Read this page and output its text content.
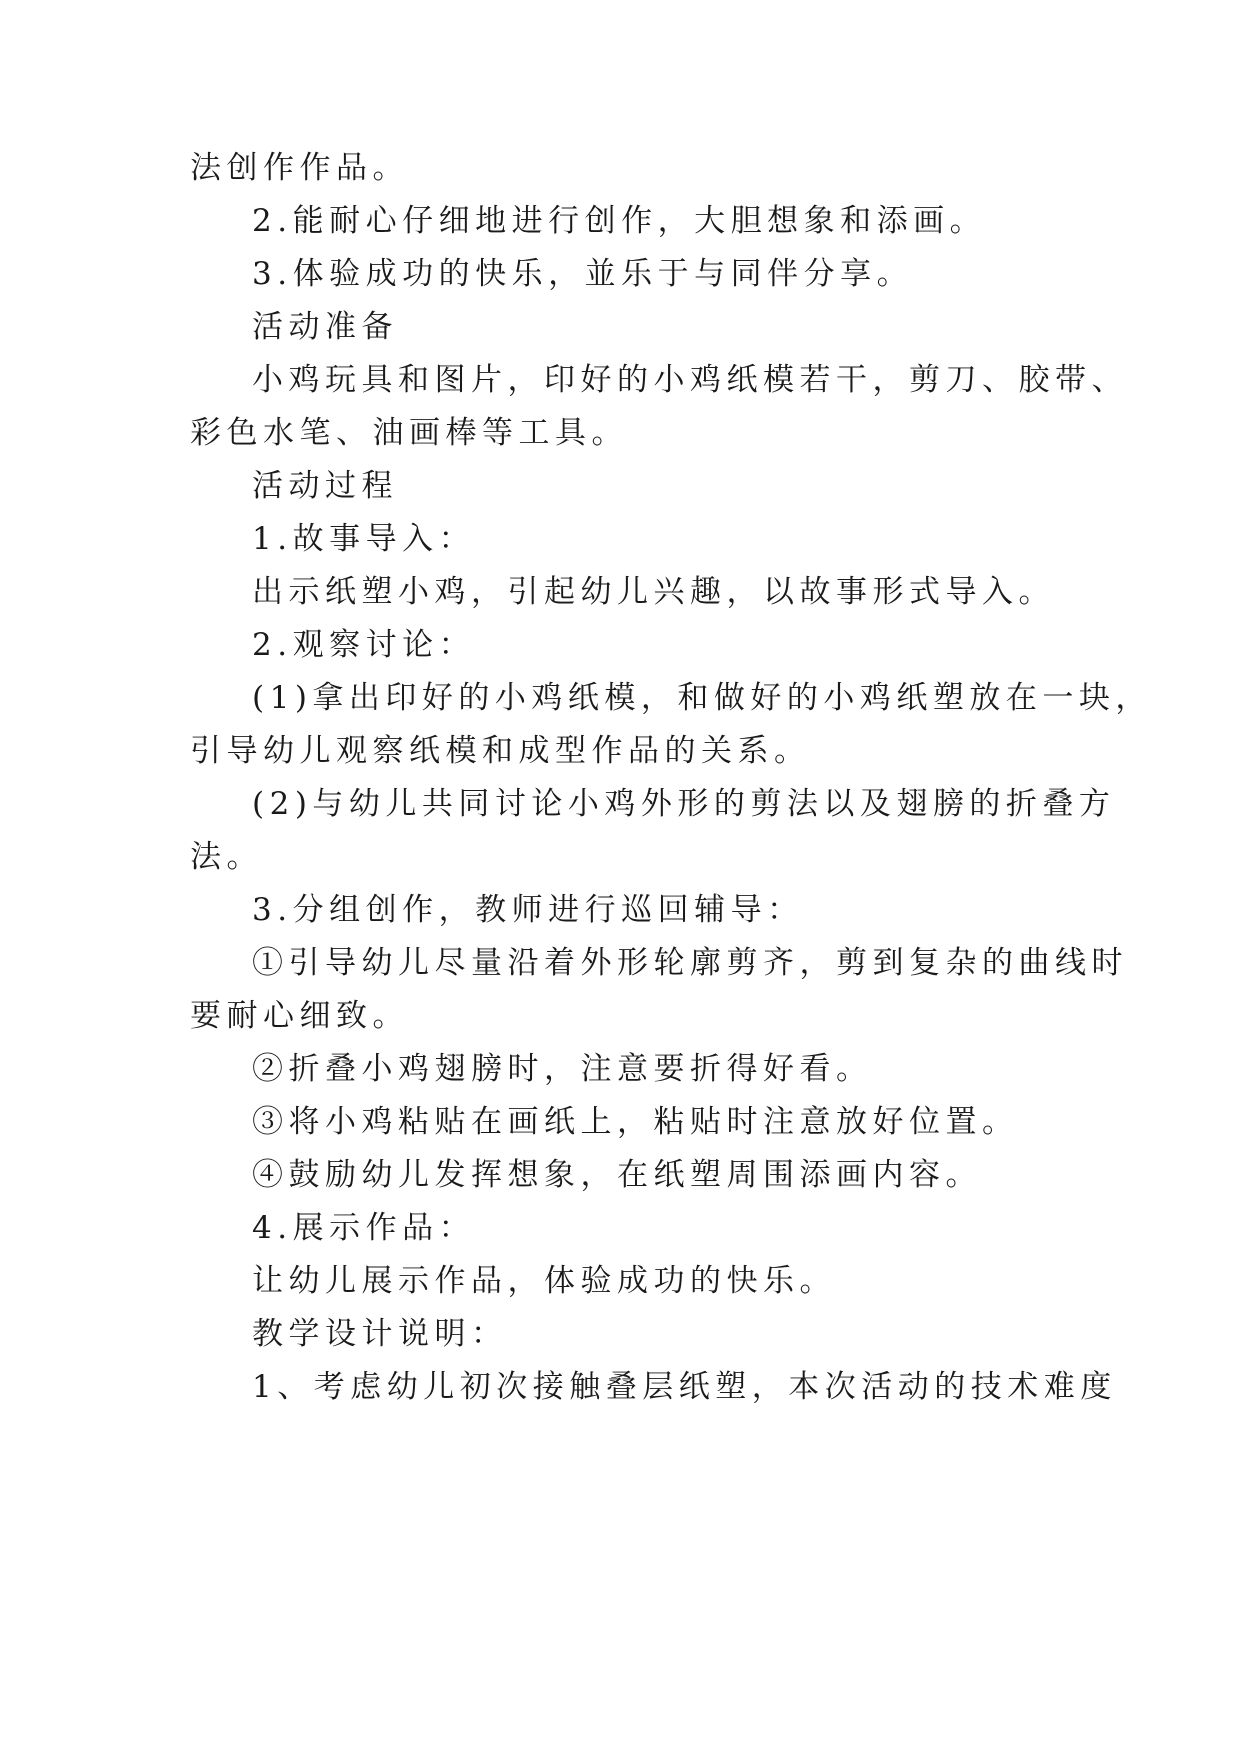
法创作作品。
2.能耐心仔细地进行创作，大胆想象和添画。
3.体验成功的快乐，並乐于与同伴分享。
活动准备
小鸡玩具和图片，印好的小鸡纸模若干，剪刀、胶带、
彩色水笔、油画棒等工具。
活动过程
1.故事导入：
出示纸塑小鸡，引起幼儿兴趣，以故事形式导入。
2.观察讨论：
(1)拿出印好的小鸡纸模，和做好的小鸡纸塑放在一块，
引导幼儿观察纸模和成型作品的关系。
(2)与幼儿共同讨论小鸡外形的剪法以及翅膀的折叠方
法。
3.分组创作，教师进行巡回辅导：
①引导幼儿尽量沿着外形轮廓剪齐，剪到复杂的曲线时
要耐心细致。
②折叠小鸡翅膀时，注意要折得好看。
③将小鸡粘贴在画纸上，粘贴时注意放好位置。
④鼓励幼儿发挥想象，在纸塑周围添画内容。
4.展示作品：
让幼儿展示作品，体验成功的快乐。
教学设计说明：
1、考虑幼儿初次接触叠层纸塑，本次活动的技术难度
